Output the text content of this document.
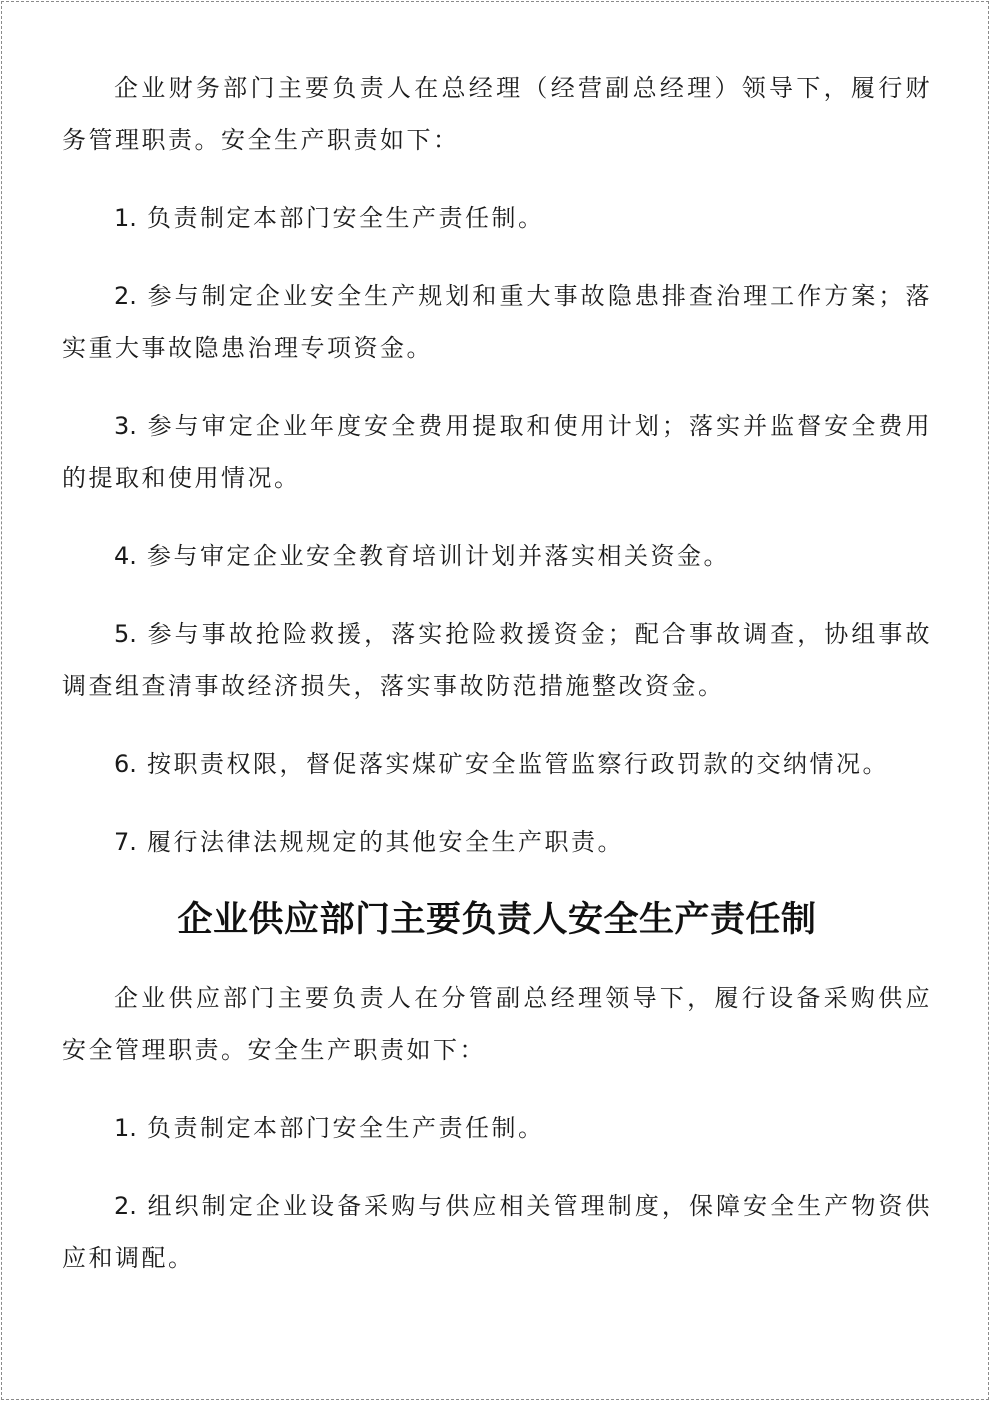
企业财务部门主要负责人在总经理（经营副总经理）领导下，履行财务管理职责。安全生产职责如下：

1. 负责制定本部门安全生产责任制。

2. 参与制定企业安全生产规划和重大事故隐患排查治理工作方案；落实重大事故隐患治理专项资金。

3. 参与审定企业年度安全费用提取和使用计划；落实并监督安全费用的提取和使用情况。

4. 参与审定企业安全教育培训计划并落实相关资金。

5. 参与事故抢险救援，落实抢险救援资金；配合事故调查，协组事故调查组查清事故经济损失，落实事故防范措施整改资金。

6. 按职责权限，督促落实煤矿安全监管监察行政罚款的交纳情况。

7. 履行法律法规规定的其他安全生产职责。

企业供应部门主要负责人安全生产责任制

企业供应部门主要负责人在分管副总经理领导下，履行设备采购供应安全管理职责。安全生产职责如下：

1. 负责制定本部门安全生产责任制。

2. 组织制定企业设备采购与供应相关管理制度，保障安全生产物资供应和调配。
